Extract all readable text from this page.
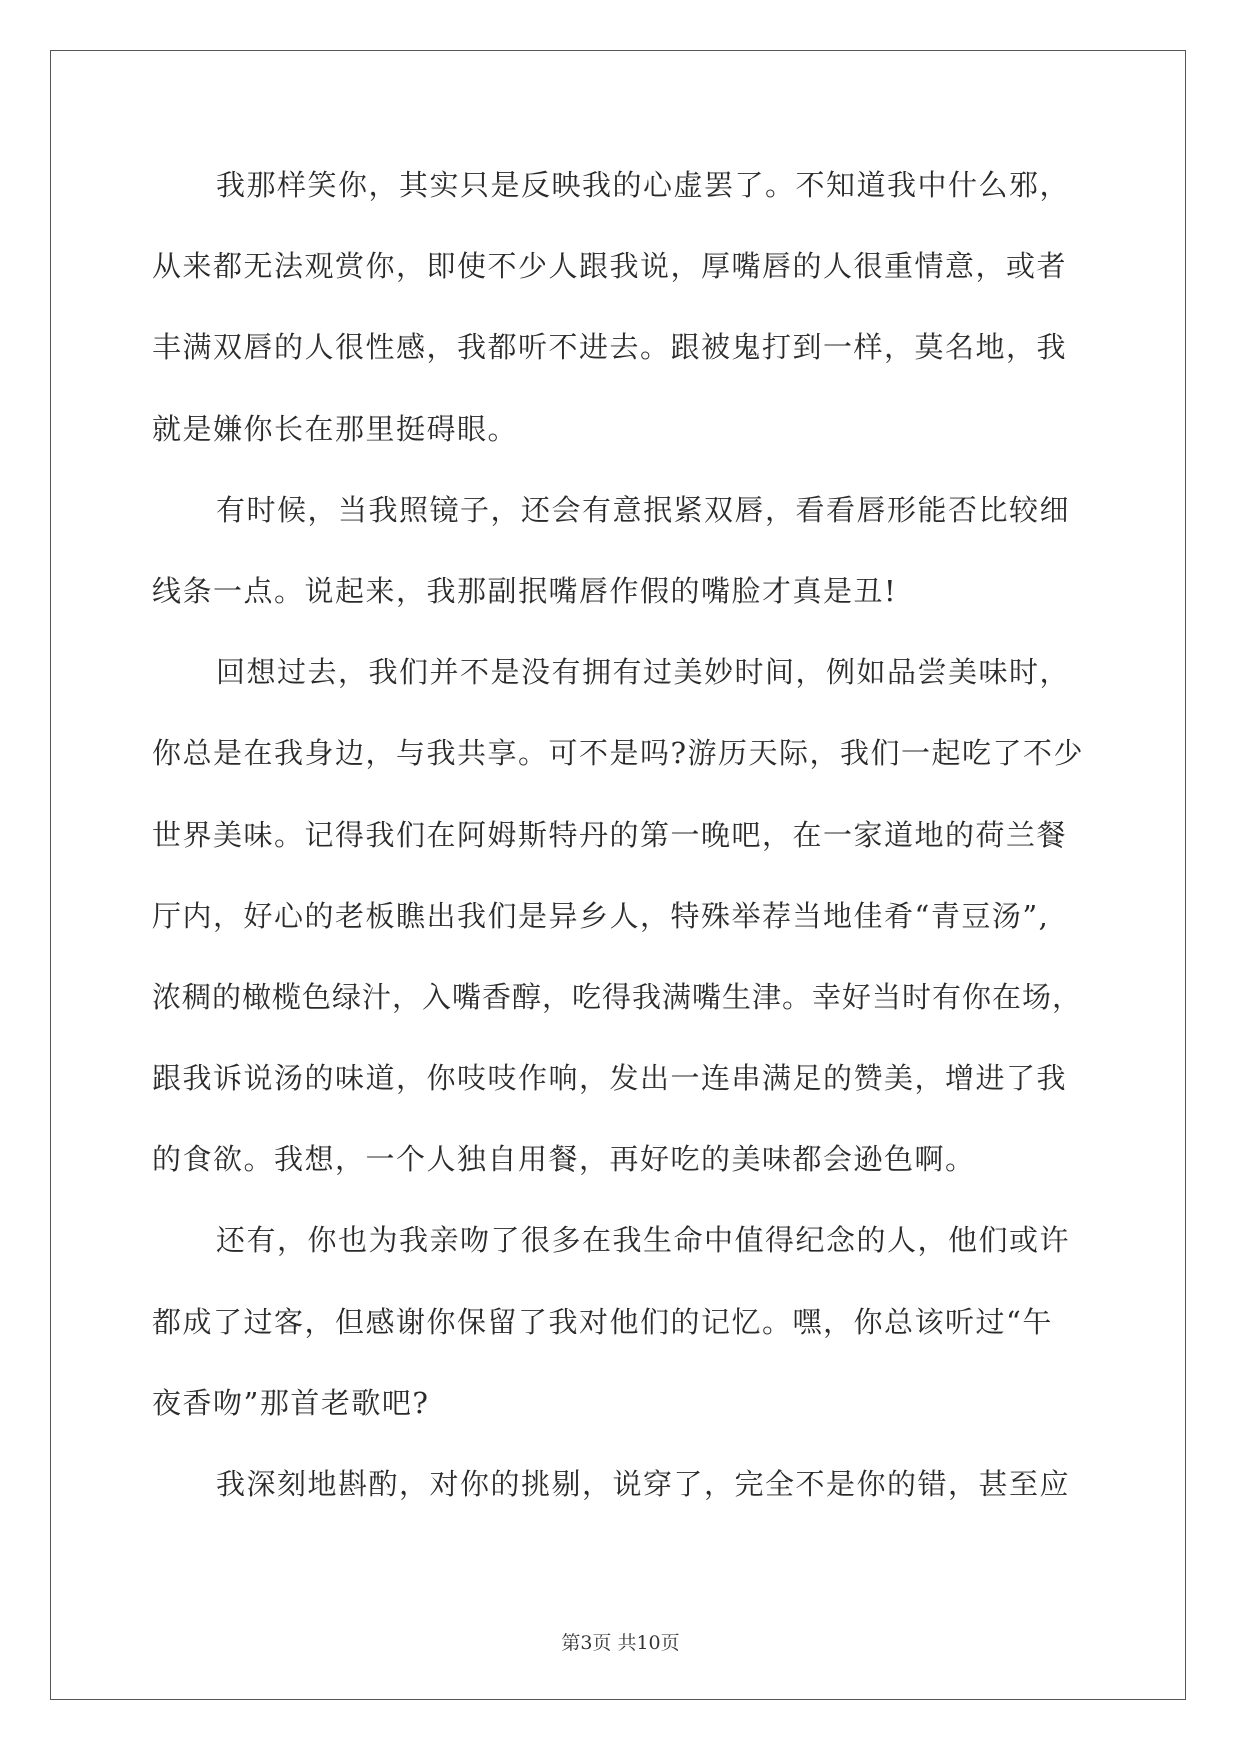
我那样笑你，其实只是反映我的心虚罢了。不知道我中什么邪，
从来都无法观赏你，即使不少人跟我说，厚嘴唇的人很重情意，或者
丰满双唇的人很性感，我都听不进去。跟被鬼打到一样，莫名地，我
就是嫌你长在那里挺碍眼。
有时候，当我照镜子，还会有意抿紧双唇，看看唇形能否比较细
线条一点。说起来，我那副抿嘴唇作假的嘴脸才真是丑!
回想过去，我们并不是没有拥有过美妙时间，例如品尝美味时，
你总是在我身边，与我共享。可不是吗?游历天际，我们一起吃了不少
世界美味。记得我们在阿姆斯特丹的第一晚吧，在一家道地的荷兰餐
厅内，好心的老板瞧出我们是异乡人，特殊举荐当地佳肴“青豆汤”,
浓稠的橄榄色绿汁，入嘴香醇，吃得我满嘴生津。幸好当时有你在场，
跟我诉说汤的味道，你吱吱作响，发出一连串满足的赞美，增进了我
的食欲。我想，一个人独自用餐，再好吃的美味都会逊色啊。
还有，你也为我亲吻了很多在我生命中值得纪念的人，他们或许
都成了过客，但感谢你保留了我对他们的记忆。嘿，你总该听过“午
夜香吻”那首老歌吧?
我深刻地斟酌，对你的挑剔，说穿了，完全不是你的错，甚至应
第3页 共10页
